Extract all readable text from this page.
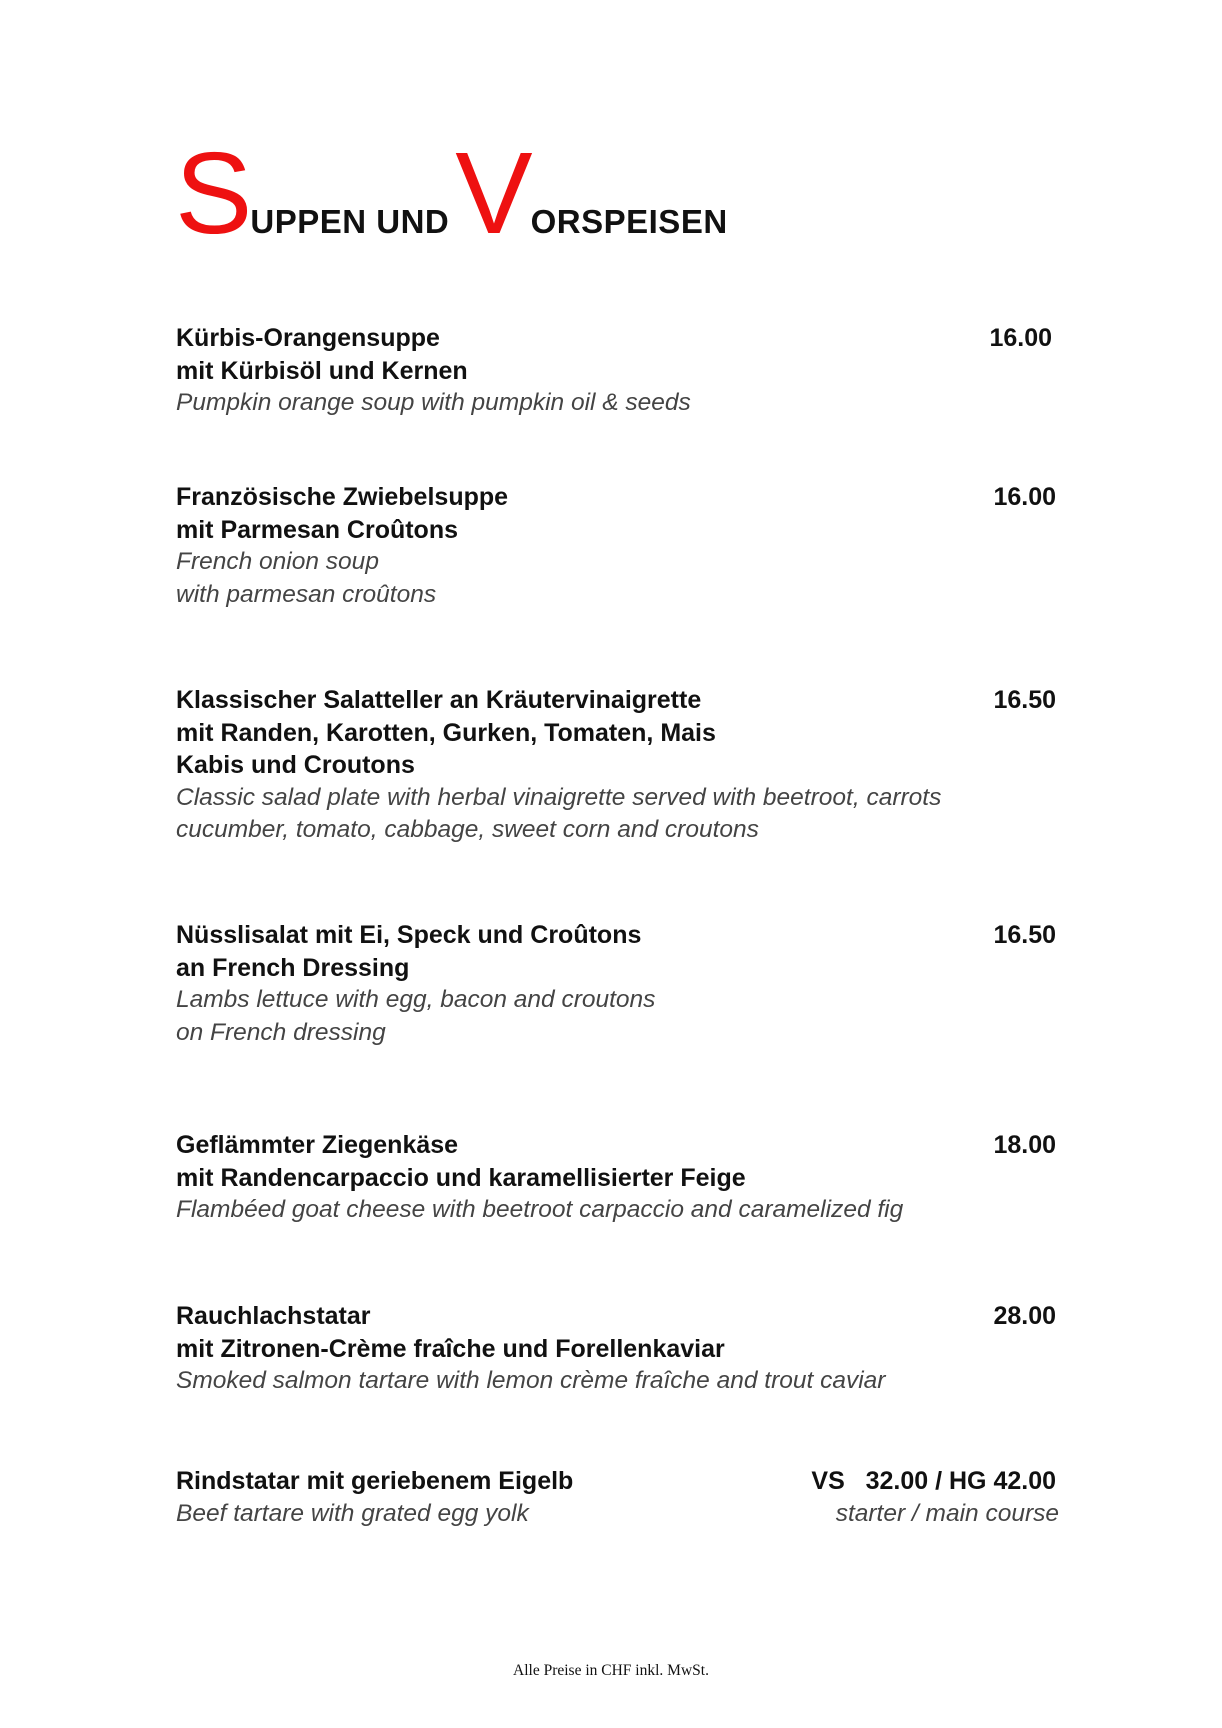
SUPPEN UNDVORSPEISEN
Kürbis-Orangensuppe	16.00
mit Kürbisöl und Kernen
Pumpkin orange soup with pumpkin oil & seeds
Französische Zwiebelsuppe	16.00
mit Parmesan Croûtons
French onion soup
with parmesan croûtons
Klassischer Salatteller an Kräutervinaigrette	16.50
mit Randen, Karotten, Gurken, Tomaten, Mais
Kabis und Croutons
Classic salad plate with herbal vinaigrette served with beetroot, carrots
cucumber, tomato, cabbage, sweet corn and croutons
Nüsslisalat mit Ei, Speck und Croûtons	16.50
an French Dressing
Lambs lettuce with egg, bacon and croutons
on French dressing
Geflämmter Ziegenkäse	18.00
mit Randencarpaccio und karamellisierter Feige
Flambéed goat cheese with beetroot carpaccio and caramelized fig
Rauchlachstatar	28.00
mit Zitronen-Crème fraîche und Forellenkaviar
Smoked salmon tartare with lemon crème fraîche and trout caviar
Rindstatar mit geriebenem Eigelb	VS   32.00 / HG 42.00
Beef tartare with grated egg yolk	starter / main course
Alle Preise in CHF inkl. MwSt.
